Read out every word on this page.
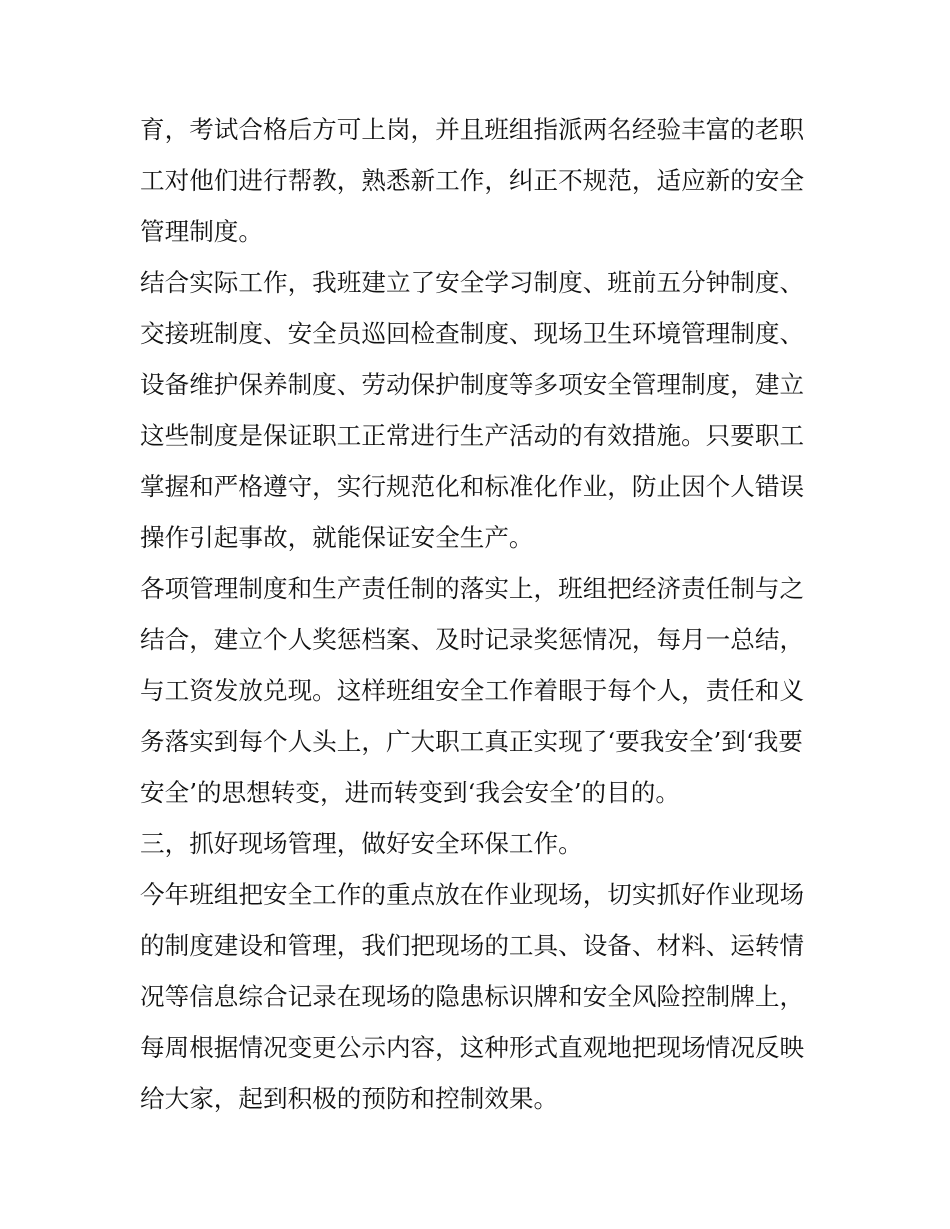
育，考试合格后方可上岗，并且班组指派两名经验丰富的老职
工对他们进行帮教，熟悉新工作，纠正不规范，适应新的安全
管理制度。
结合实际工作，我班建立了安全学习制度、班前五分钟制度、
交接班制度、安全员巡回检查制度、现场卫生环境管理制度、
设备维护保养制度、劳动保护制度等多项安全管理制度，建立
这些制度是保证职工正常进行生产活动的有效措施。只要职工
掌握和严格遵守，实行规范化和标准化作业，防止因个人错误
操作引起事故，就能保证安全生产。
各项管理制度和生产责任制的落实上，班组把经济责任制与之
结合，建立个人奖惩档案、及时记录奖惩情况，每月一总结，
与工资发放兑现。这样班组安全工作着眼于每个人，责任和义
务落实到每个人头上，广大职工真正实现了‘要我安全’到‘我要
安全’的思想转变，进而转变到‘我会安全’的目的。
三，抓好现场管理，做好安全环保工作。
今年班组把安全工作的重点放在作业现场，切实抓好作业现场
的制度建设和管理，我们把现场的工具、设备、材料、运转情
况等信息综合记录在现场的隐患标识牌和安全风险控制牌上，
每周根据情况变更公示内容，这种形式直观地把现场情况反映
给大家，起到积极的预防和控制效果。
